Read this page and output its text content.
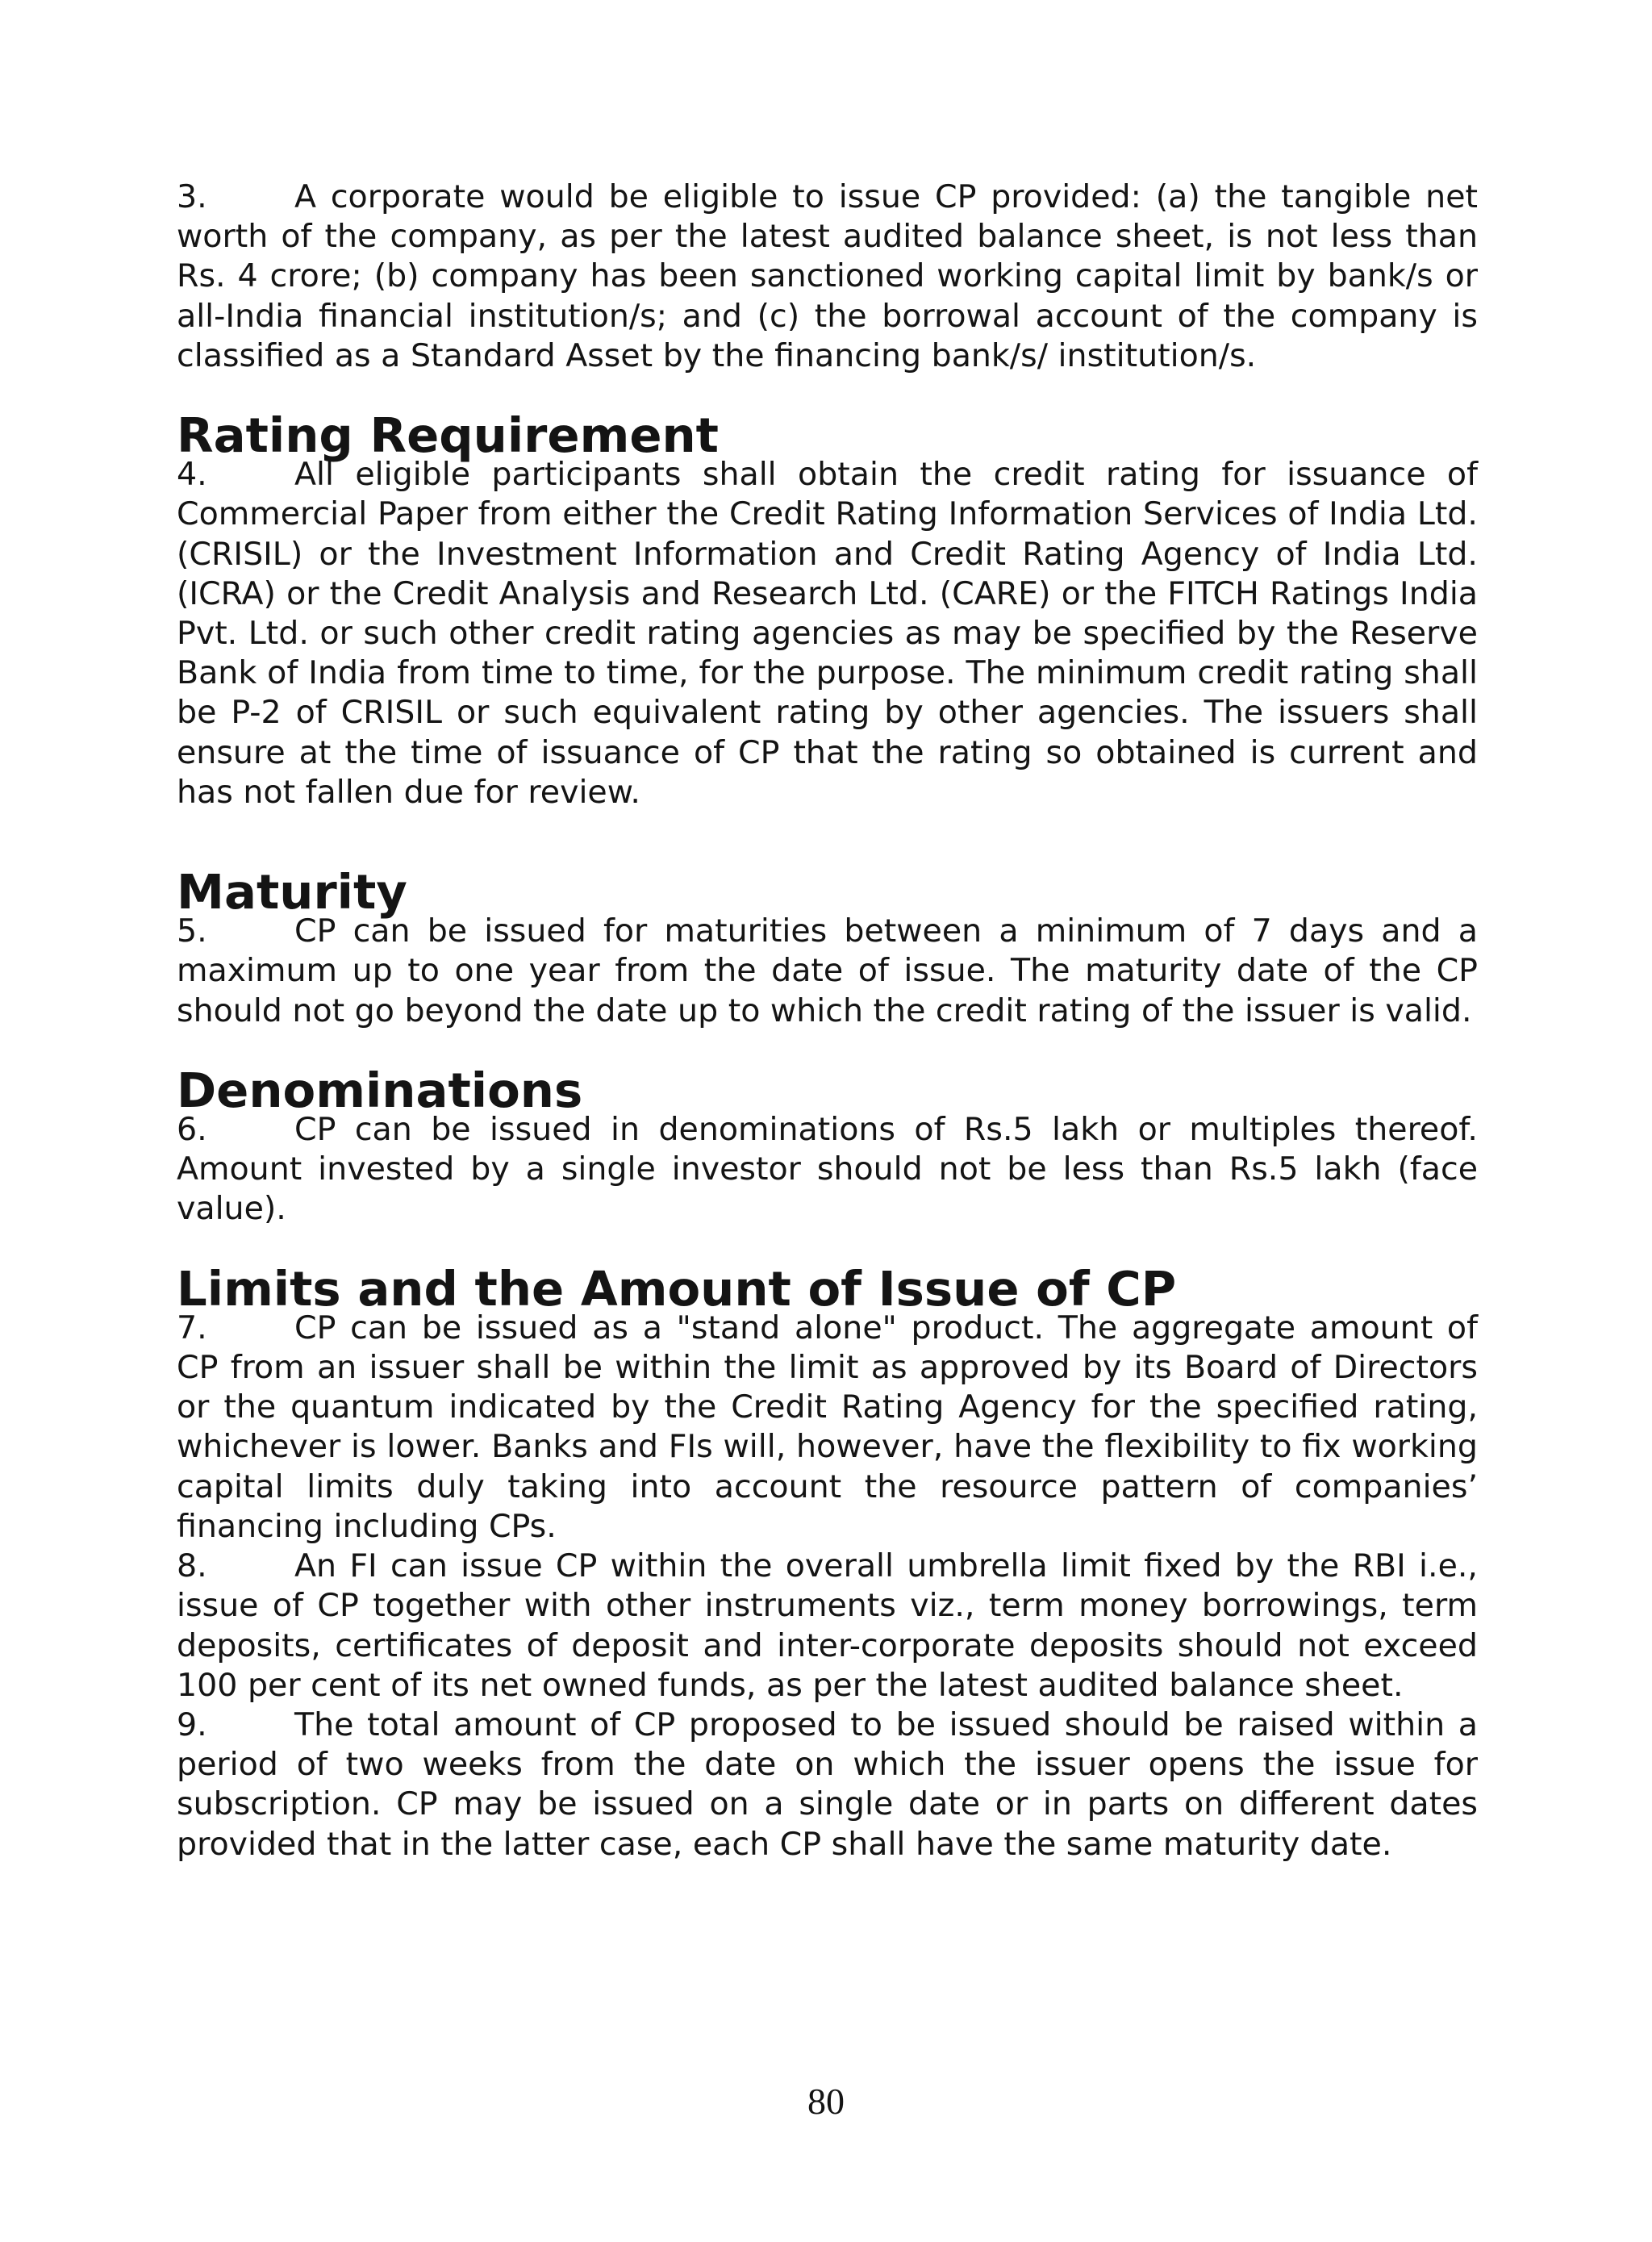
3.	A corporate would be eligible to issue CP provided: (a) the tangible net worth of the company, as per the latest audited balance sheet, is not less than Rs. 4 crore; (b) company has been sanctioned working capital limit by bank/s or all-India financial institution/s; and (c) the borrowal account of the company is classified as a Standard Asset by the financing bank/s/ institution/s.

Rating Requirement

4.	All eligible participants shall obtain the credit rating for issuance of Commercial Paper from either the Credit Rating Information Services of India Ltd. (CRISIL) or the Investment Information and Credit Rating Agency of India Ltd. (ICRA) or the Credit Analysis and Research Ltd. (CARE) or the FITCH Ratings India Pvt. Ltd. or such other credit rating agencies as may be specified by the Reserve Bank of India from time to time, for the purpose. The minimum credit rating shall be P-2 of CRISIL or such equivalent rating by other agencies. The issuers shall ensure at the time of issuance of CP that the rating so obtained is current and has not fallen due for review.

Maturity

5.	CP can be issued for maturities between a minimum of 7 days and a maximum up to one year from the date of issue. The maturity date of the CP should not go beyond the date up to which the credit rating of the issuer is valid.

Denominations

6.	CP can be issued in denominations of Rs.5 lakh or multiples thereof. Amount invested by a single investor should not be less than Rs.5 lakh (face value).

Limits and the Amount of Issue of CP

7.	CP can be issued as a "stand alone" product. The aggregate amount of CP from an issuer shall be within the limit as approved by its Board of Directors or the quantum indicated by the Credit Rating Agency for the specified rating, whichever is lower. Banks and FIs will, however, have the flexibility to fix working capital limits duly taking into account the resource pattern of companies’ financing including CPs.

8.	An FI can issue CP within the overall umbrella limit fixed by the RBI i.e., issue of CP together with other instruments viz., term money borrowings, term deposits, certificates of deposit and inter-corporate deposits should not exceed 100 per cent of its net owned funds, as per the latest audited balance sheet.

9.	The total amount of CP proposed to be issued should be raised within a period of two weeks from the date on which the issuer opens the issue for subscription. CP may be issued on a single date or in parts on different dates provided that in the latter case, each CP shall have the same maturity date.

80
